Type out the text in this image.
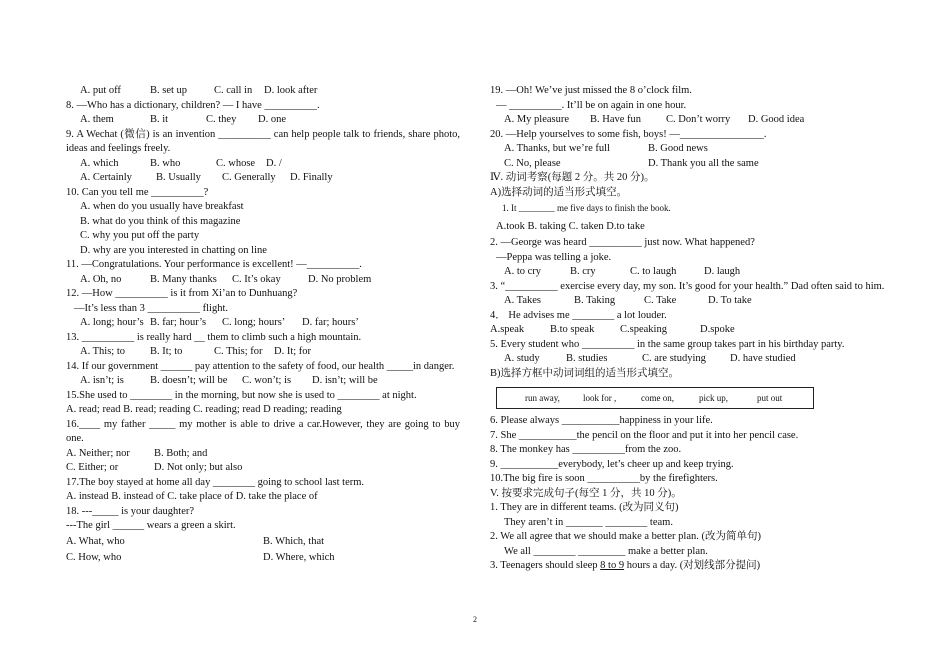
A. put off	B. set up	C. call in	D. look after
8. —Who has a dictionary, children? — I have __________.
A. them	B. it	C. they	D. one
9. A Wechat (微信) is an invention __________ can help people talk to friends, share photo, ideas and feelings freely.
A. which	B. who	C. whose	D. /
A. Certainly	B. Usually	C. Generally	D. Finally
10. Can you tell me __________?
A. when do you usually have breakfast
B. what do you think of this magazine
C. why you put off the party
D. why are you interested in chatting on line
11. —Congratulations. Your performance is excellent! —__________.
A. Oh, no	B. Many thanks	C. It’s okay	D. No problem
12. —How __________ is it from Xi’an to Dunhuang?
—It’s less than 3 __________ flight.
A. long; hour’s B. far; hour’s	C. long; hours’	D. far; hours’
13. __________ is really hard __ them to climb such a high mountain.
A. This; to	B. It; to	C. This; for	D. It; for
14. If our government ______ pay attention to the safety of food, our health _____in danger.
A. isn’t; is	B. doesn’t; will be	C. won’t; is	D. isn’t; will be
15.She used to ________ in the morning, but now she is used to ________ at night.
A. read; read B. read; reading C. reading; read D reading; reading
16.____ my father _____ my mother is able to drive a car.However, they are going to buy one.
A. Neither; nor	B. Both; and
C. Either; or	D. Not only; but also
17.The boy stayed at home all day ________ going to school last term.
A. instead B. instead of C. take place of D. take the place of
18. ---_____ is your daughter?
---The girl ______ wears a green a skirt.
A. What, who	B. Which, that
C. How, who	D. Where, which
19. —Oh! We’ve just missed the 8 o’clock film.
— __________. It’ll be on again in one hour.
A. My pleasure	B. Have fun	C. Don’t worry	D. Good idea
20. —Help yourselves to some fish, boys! —________________.
A. Thanks, but we’re full	B. Good news
C. No, please	D. Thank you all the same
Ⅳ. 动词考察(每题 2 分。共 20 分)。
A)选择动词的适当形式填空。
1. It ________ me five days to finish the book.
A.took B. taking C. taken D.to take
2. —George was heard __________ just now. What happened?
—Peppa was telling a joke.
A. to cry	B. cry	C. to laugh	D. laugh
3. “__________ exercise every day, my son. It’s good for your health.” Dad often said to him.
A. Takes	B. Taking	C. Take	D. To take
4． He advises me ________ a lot louder.
A.speak	B.to speak	C.speaking	D.spoke
5. Every student who __________ in the same group takes part in his birthday party.
A. study	B. studies	C. are studying	D. have studied
B)选择方框中动词词组的适当形式填空。
run away,	look for ,	come on,	pick up,	put out
6. Please always ___________happiness in your life.
7. She ___________the pencil on the floor and put it into her pencil case.
8. The monkey has __________from the zoo.
9. ___________everybody, let’s cheer up and keep trying.
10.The big fire is soon __________by the firefighters.
V. 按要求完成句子(每空 1 分，共 10 分)。
1. They are in different teams. (改为同义句)
They aren’t in _______ ________ team.
2. We all agree that we should make a better plan. (改为简单句)
We all ________ _________ make a better plan.
3. Teenagers should sleep 8 to 9 hours a day. (对划线部分提问)
2
